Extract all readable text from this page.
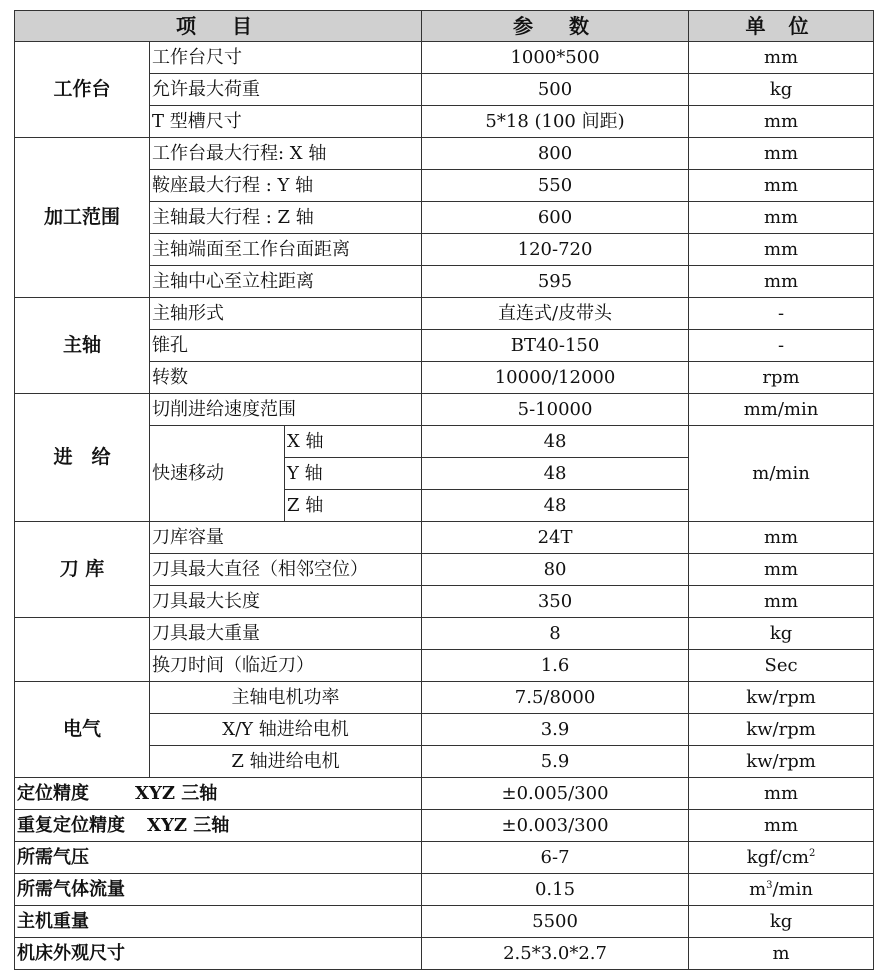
项　目			参　数	单 位
工作台	工作台尺寸		1000*500	mm
	允许最大荷重		500	kg
	T 型槽尺寸		5*18 (100 间距)	mm
加工范围	工作台最大行程: X 轴		800	mm
	鞍座最大行程 : Y 轴		550	mm
	主轴最大行程 : Z 轴		600	mm
	主轴端面至工作台面距离		120-720	mm
	主轴中心至立柱距离		595	mm
主轴	主轴形式		直连式/皮带头	-
	锥孔		BT40-150	-
	转数		10000/12000	rpm
进　给	切削进给速度范围		5-10000	mm/min
	快速移动	X 轴	48	m/min
		Y 轴	48	
		Z 轴	48	
刀 库	刀库容量		24T	mm
	刀具最大直径（相邻空位）		80	mm
	刀具最大长度		350	mm
	刀具最大重量		8	kg
	换刀时间（临近刀）		1.6	Sec
电气	主轴电机功率		7.5/8000	kw/rpm
	X/Y 轴进给电机		3.9	kw/rpm
	Z 轴进给电机		5.9	kw/rpm
定位精度 XYZ 三轴			±0.005/300	mm
重复定位精度 XYZ 三轴			±0.003/300	mm
所需气压			6-7	kgf/$cm^2$
所需气体流量			0.15	$m^3/\min$
主机重量			5500	kg
机床外观尺寸			2.5*3.0*2.7	m
